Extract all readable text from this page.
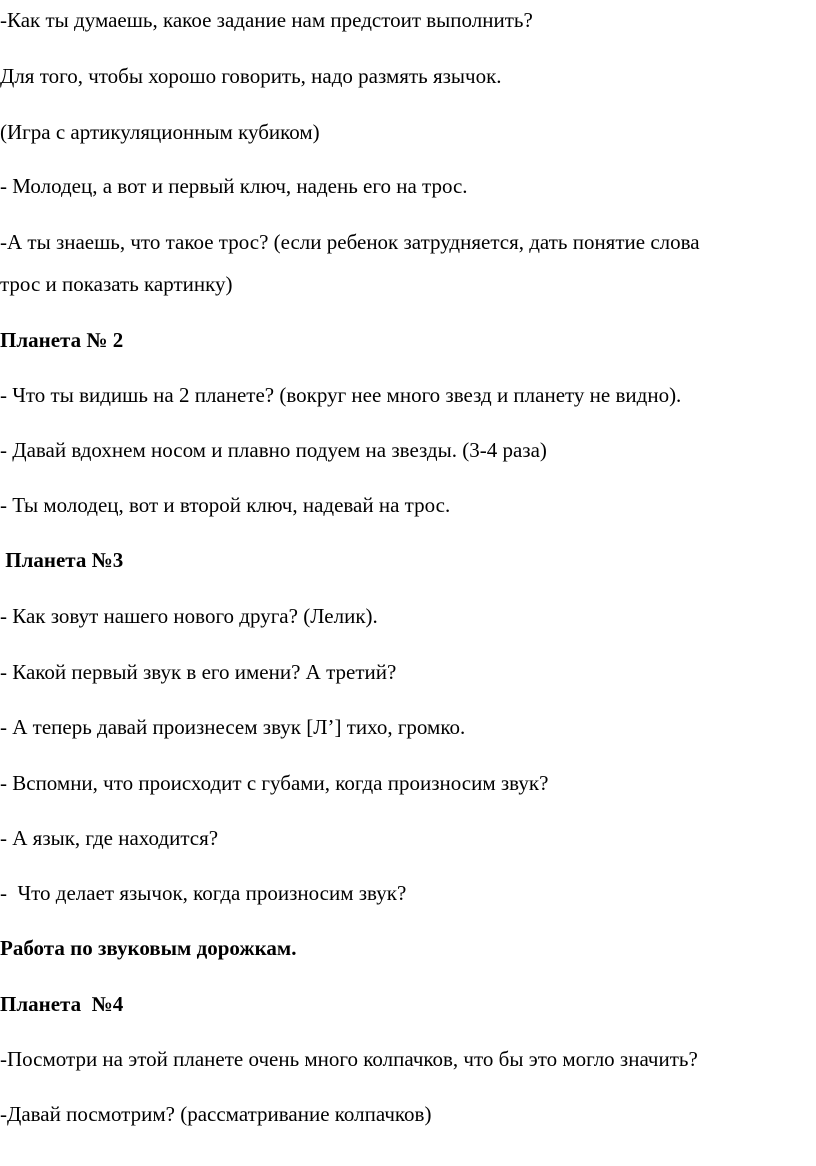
-Как ты думаешь, какое задание нам предстоит выполнить?
Для того, чтобы хорошо говорить, надо размять язычок.
(Игра с артикуляционным кубиком)
- Молодец, а вот и первый ключ, надень его на трос.
-А ты знаешь, что такое трос? (если ребенок затрудняется, дать понятие слова
трос и показать картинку)
Планета № 2
- Что ты видишь на 2 планете? (вокруг нее много звезд и планету не видно).
- Давай вдохнем носом и плавно подуем на звезды. (3-4 раза)
- Ты молодец, вот и второй ключ, надевай на трос.
Планета №3
- Как зовут нашего нового друга? (Лелик).
- Какой первый звук в его имени? А третий?
- А теперь давай произнесем звук [Л’] тихо, громко.
- Вспомни, что происходит с губами, когда произносим звук?
- А язык, где находится?
-  Что делает язычок, когда произносим звук?
Работа по звуковым дорожкам.
Планета  №4
-Посмотри на этой планете очень много колпачков, что бы это могло значить?
-Давай посмотрим? (рассматривание колпачков)
